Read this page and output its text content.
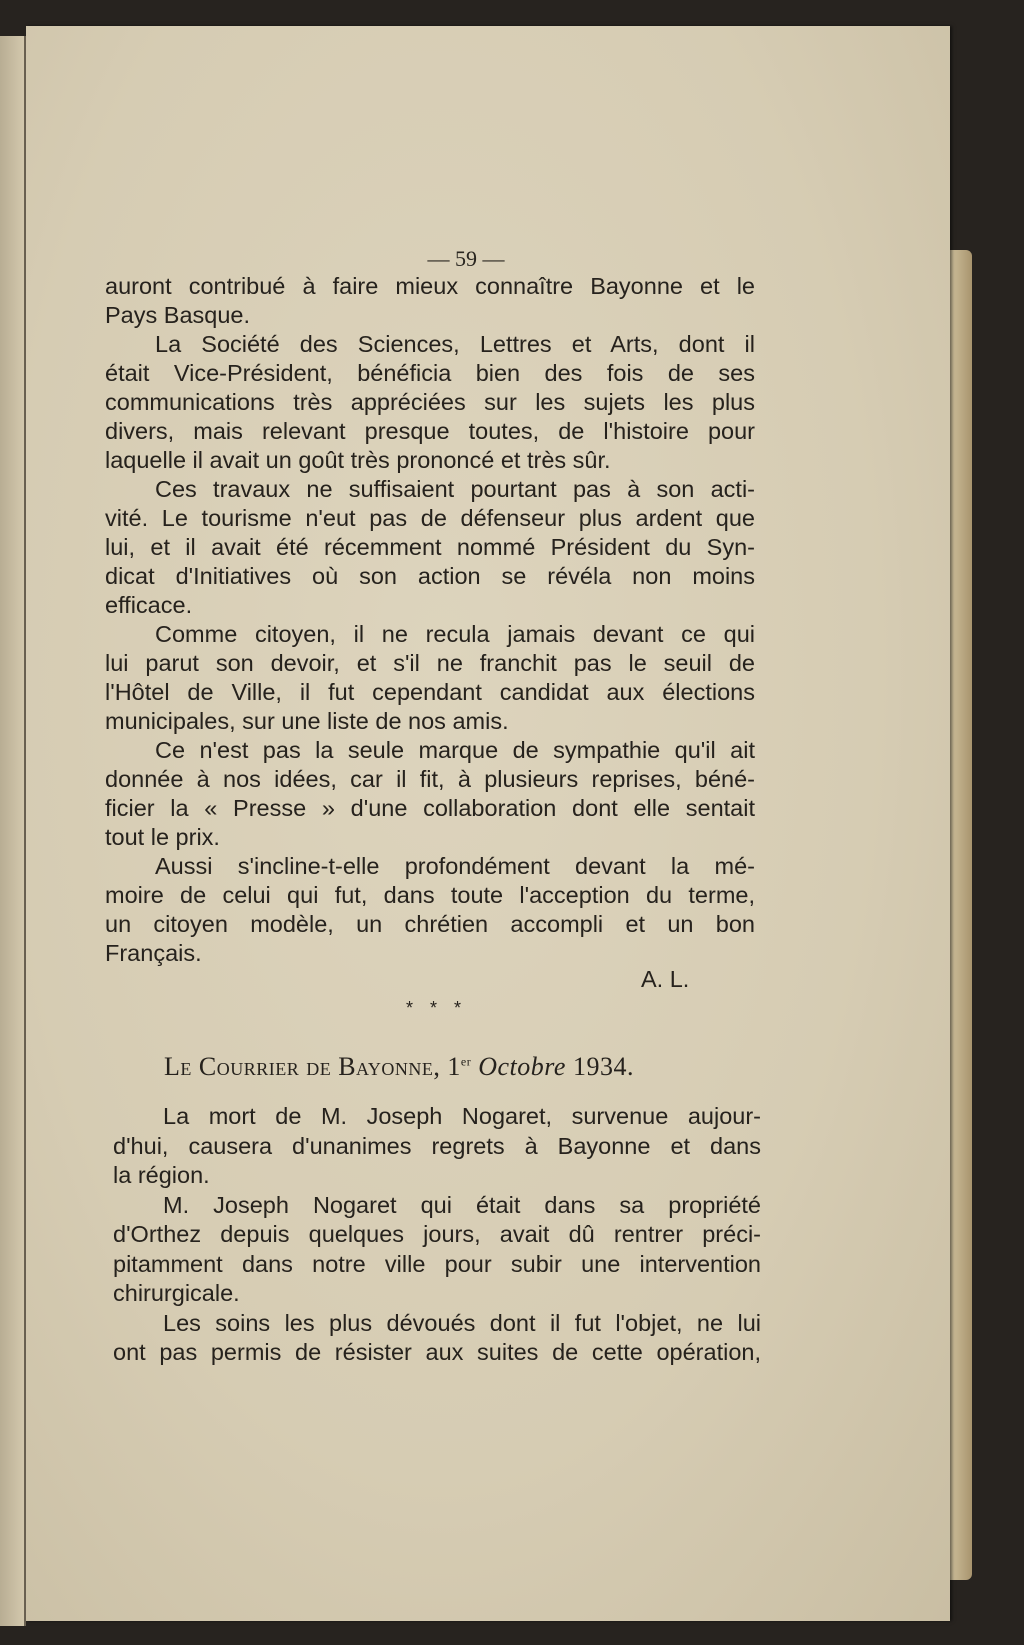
— 59 —
auront contribué à faire mieux connaître Bayonne et le
Pays Basque.
La Société des Sciences, Lettres et Arts, dont il
était Vice-Président, bénéficia bien des fois de ses
communications très appréciées sur les sujets les plus
divers, mais relevant presque toutes, de l'histoire pour
laquelle il avait un goût très prononcé et très sûr.
Ces travaux ne suffisaient pourtant pas à son acti-
vité. Le tourisme n'eut pas de défenseur plus ardent que
lui, et il avait été récemment nommé Président du Syn-
dicat d'Initiatives où son action se révéla non moins
efficace.
Comme citoyen, il ne recula jamais devant ce qui
lui parut son devoir, et s'il ne franchit pas le seuil de
l'Hôtel de Ville, il fut cependant candidat aux élections
municipales, sur une liste de nos amis.
Ce n'est pas la seule marque de sympathie qu'il ait
donnée à nos idées, car il fit, à plusieurs reprises, béné-
ficier la « Presse » d'une collaboration dont elle sentait
tout le prix.
Aussi s'incline-t-elle profondément devant la mé-
moire de celui qui fut, dans toute l'acception du terme,
un citoyen modèle, un chrétien accompli et un bon
Français.
A. L.
* * *
Le Courrier de Bayonne, 1er Octobre 1934.
La mort de M. Joseph Nogaret, survenue aujour-
d'hui, causera d'unanimes regrets à Bayonne et dans
la région.
M. Joseph Nogaret qui était dans sa propriété
d'Orthez depuis quelques jours, avait dû rentrer préci-
pitamment dans notre ville pour subir une intervention
chirurgicale.
Les soins les plus dévoués dont il fut l'objet, ne lui
ont pas permis de résister aux suites de cette opération,
